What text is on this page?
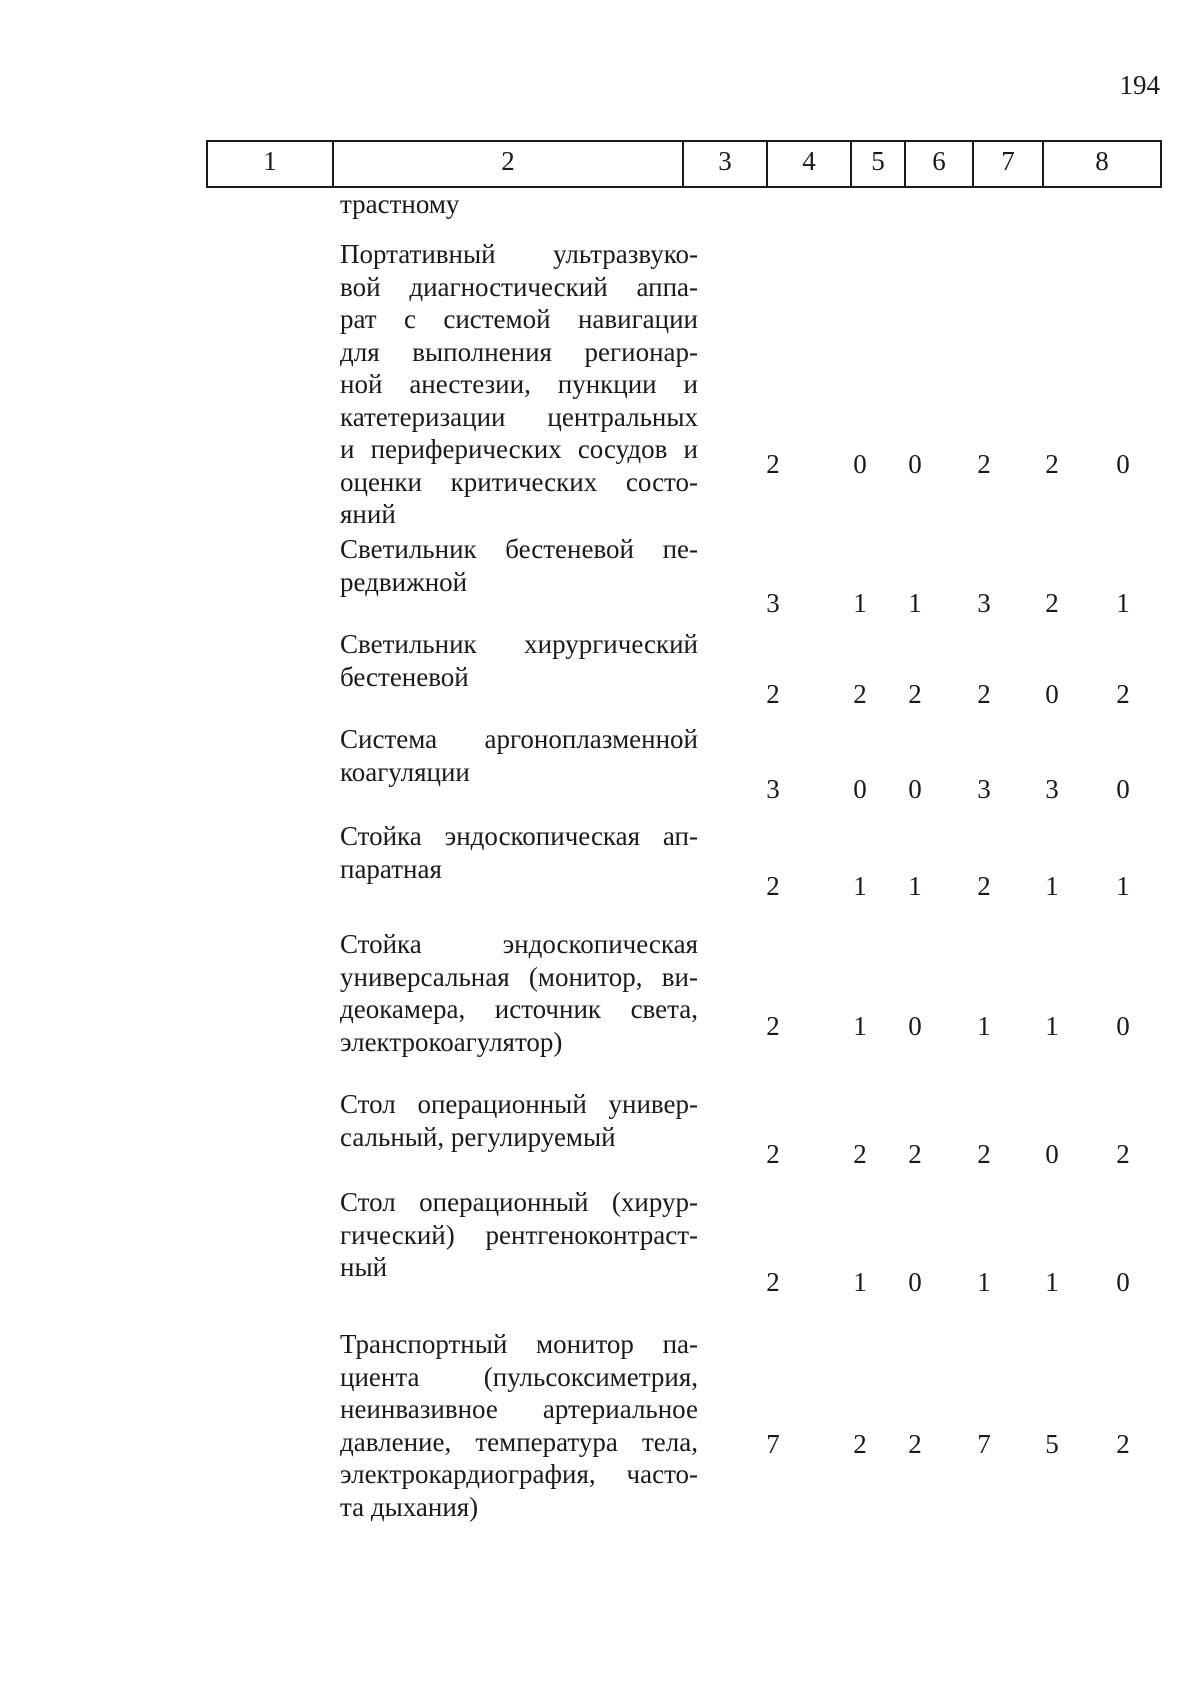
194
1	2	3	4	5	6	7	8
трастному
Портативный ультразвуко-
вой диагностический аппа-
рат с системой навигации
для выполнения регионар-
ной анестезии, пункции и
катетеризации центральных
и периферических сосудов и
оценки критических состо-
яний
2	0	0	2	2	0
Светильник бестеневой пе-
редвижной
3	1	1	3	2	1
Светильник хирургический
бестеневой
2	2	2	2	0	2
Система аргоноплазменной
коагуляции
3	0	0	3	3	0
Стойка эндоскопическая ап-
паратная
2	1	1	2	1	1
Стойка эндоскопическая
универсальная (монитор, ви-
деокамера, источник света,
электрокоагулятор)
2	1	0	1	1	0
Стол операционный универ-
сальный, регулируемый
2	2	2	2	0	2
Стол операционный (хирур-
гический) рентгеноконтраст-
ный	2	1	0	1	1	0
Транспортный монитор па-
циента (пульсоксиметрия,
неинвазивное артериальное
давление, температура тела,
электрокардиография, часто-
та дыхания)
7	2	2	7	5	2
